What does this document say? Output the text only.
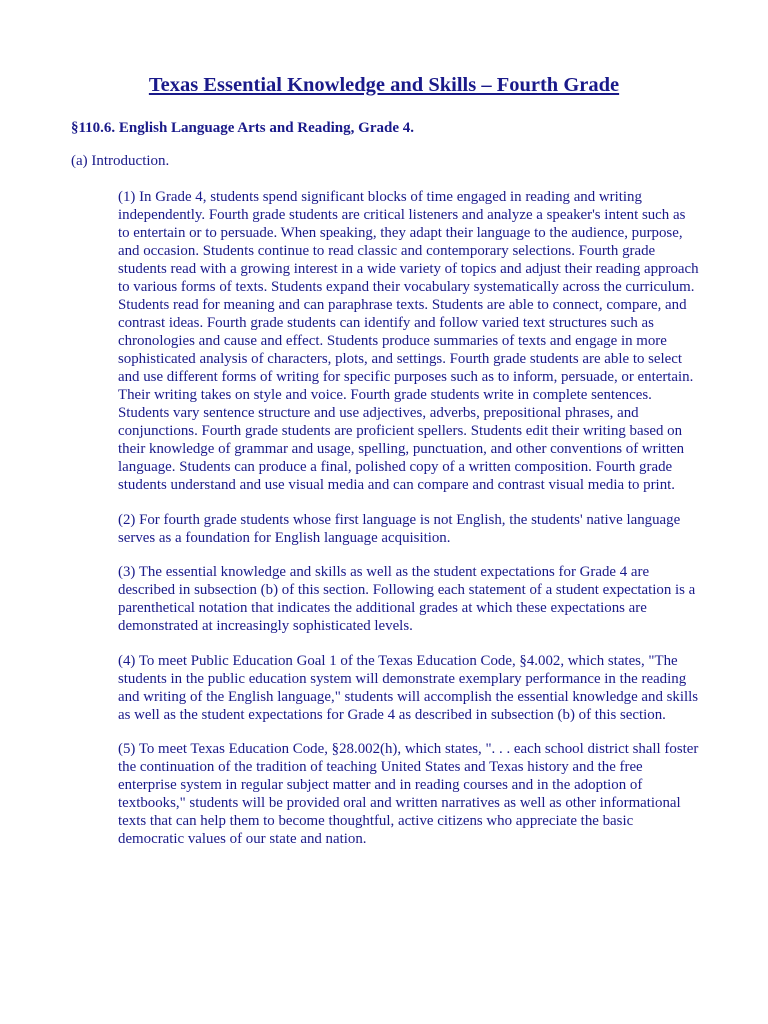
Texas Essential Knowledge and Skills – Fourth Grade
§110.6. English Language Arts and Reading, Grade 4.
(a) Introduction.

(1) In Grade 4, students spend significant blocks of time engaged in reading and writing independently. Fourth grade students are critical listeners and analyze a speaker's intent such as to entertain or to persuade. When speaking, they adapt their language to the audience, purpose, and occasion. Students continue to read classic and contemporary selections. Fourth grade students read with a growing interest in a wide variety of topics and adjust their reading approach to various forms of texts. Students expand their vocabulary systematically across the curriculum. Students read for meaning and can paraphrase texts. Students are able to connect, compare, and contrast ideas. Fourth grade students can identify and follow varied text structures such as chronologies and cause and effect. Students produce summaries of texts and engage in more sophisticated analysis of characters, plots, and settings. Fourth grade students are able to select and use different forms of writing for specific purposes such as to inform, persuade, or entertain. Their writing takes on style and voice. Fourth grade students write in complete sentences. Students vary sentence structure and use adjectives, adverbs, prepositional phrases, and conjunctions. Fourth grade students are proficient spellers. Students edit their writing based on their knowledge of grammar and usage, spelling, punctuation, and other conventions of written language. Students can produce a final, polished copy of a written composition. Fourth grade students understand and use visual media and can compare and contrast visual media to print.

(2) For fourth grade students whose first language is not English, the students' native language serves as a foundation for English language acquisition.

(3) The essential knowledge and skills as well as the student expectations for Grade 4 are described in subsection (b) of this section. Following each statement of a student expectation is a parenthetical notation that indicates the additional grades at which these expectations are demonstrated at increasingly sophisticated levels.

(4) To meet Public Education Goal 1 of the Texas Education Code, §4.002, which states, "The students in the public education system will demonstrate exemplary performance in the reading and writing of the English language," students will accomplish the essential knowledge and skills as well as the student expectations for Grade 4 as described in subsection (b) of this section.

(5) To meet Texas Education Code, §28.002(h), which states, ". . . each school district shall foster the continuation of the tradition of teaching United States and Texas history and the free enterprise system in regular subject matter and in reading courses and in the adoption of textbooks," students will be provided oral and written narratives as well as other informational texts that can help them to become thoughtful, active citizens who appreciate the basic democratic values of our state and nation.
